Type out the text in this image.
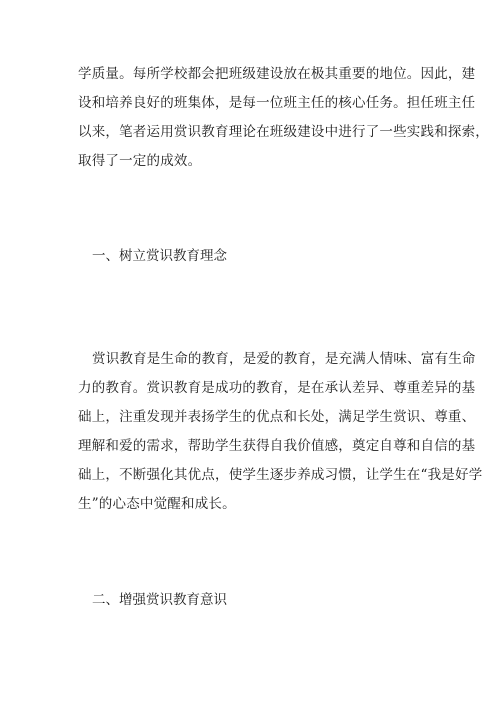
学质量。每所学校都会把班级建设放在极其重要的地位。因此，建
设和培养良好的班集体，是每一位班主任的核心任务。担任班主任
以来，笔者运用赏识教育理论在班级建设中进行了一些实践和探索，
取得了一定的成效。

一、树立赏识教育理念

赏识教育是生命的教育，是爱的教育，是充满人情味、富有生命
力的教育。赏识教育是成功的教育，是在承认差异、尊重差异的基
础上，注重发现并表扬学生的优点和长处，满足学生赏识、尊重、
理解和爱的需求，帮助学生获得自我价值感，奠定自尊和自信的基
础上，不断强化其优点，使学生逐步养成习惯，让学生在“我是好学
生”的心态中觉醒和成长。

二、增强赏识教育意识
